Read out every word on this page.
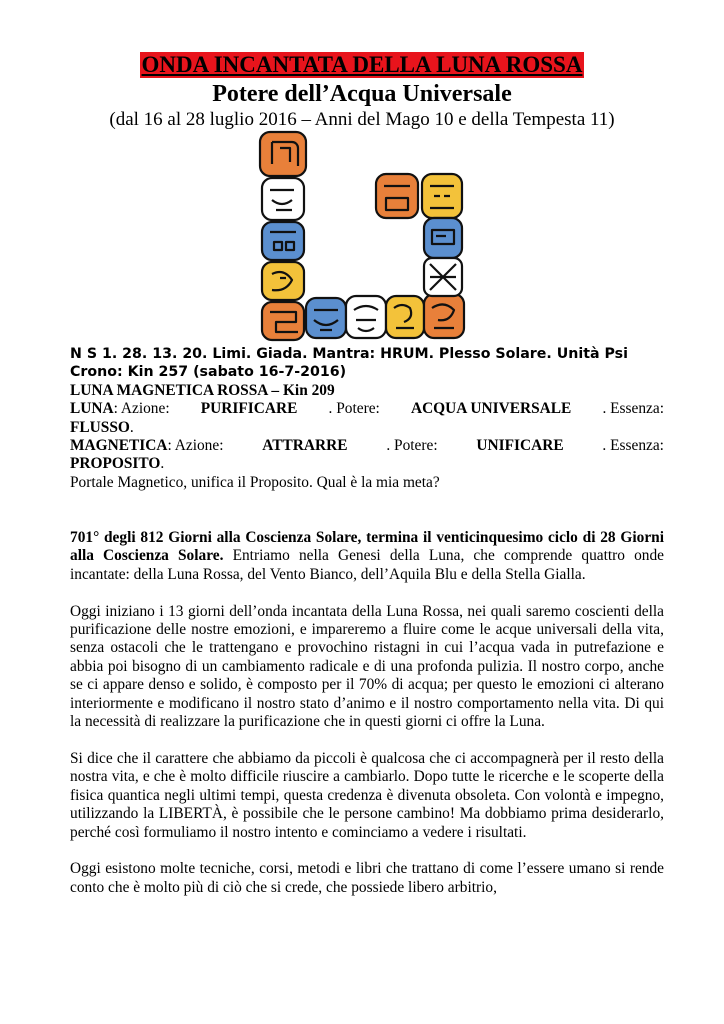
ONDA INCANTATA DELLA LUNA ROSSA
Potere dell’Acqua Universale
(dal 16 al 28 luglio 2016 – Anni del Mago 10 e della Tempesta 11)

N S 1. 28. 13. 20. Limi. Giada. Mantra: HRUM. Plesso Solare. Unità Psi

Crono: Kin 257 (sabato 16-7-2016)

LUNA MAGNETICA ROSSA – Kin 209

LUNA: Azione: PURIFICARE . Potere: ACQUA UNIVERSALE . Essenza:

FLUSSO.

MAGNETICA: Azione:	ATTRARRE	. Potere:	UNIFICARE	. Essenza:

PROPOSITO.

Portale Magnetico, unifica il Proposito. Qual è la mia meta?

701° degli 812 Giorni alla Coscienza Solare, termina il venticinquesimo ciclo di 28 Giorni alla Coscienza Solare. Entriamo nella Genesi della Luna, che comprende quattro onde incantate: della Luna Rossa, del Vento Bianco, dell’Aquila Blu e della Stella Gialla.

Oggi iniziano i 13 giorni dell’onda incantata della Luna Rossa, nei quali saremo coscienti della purificazione delle nostre emozioni, e impareremo a fluire come le acque universali della vita, senza ostacoli che le trattengano e provochino ristagni in cui l’acqua vada in putrefazione e abbia poi bisogno di un cambiamento radicale e di una profonda pulizia. Il nostro corpo, anche se ci appare denso e solido, è composto per il 70% di acqua; per questo le emozioni ci alterano interiormente e modificano il nostro stato d’animo e il nostro comportamento nella vita. Di qui la necessità di realizzare la purificazione che in questi giorni ci offre la Luna.

Si dice che il carattere che abbiamo da piccoli è qualcosa che ci accompagnerà per il resto della nostra vita, e che è molto difficile riuscire a cambiarlo. Dopo tutte le ricerche e le scoperte della fisica quantica negli ultimi tempi, questa credenza è divenuta obsoleta. Con volontà e impegno, utilizzando la LIBERTÀ, è possibile che le persone cambino! Ma dobbiamo prima desiderarlo, perché così formuliamo il nostro intento e cominciamo a vedere i risultati.

Oggi esistono molte tecniche, corsi, metodi e libri che trattano di come l’essere umano si rende conto che è molto più di ciò che si crede, che possiede libero arbitrio,
